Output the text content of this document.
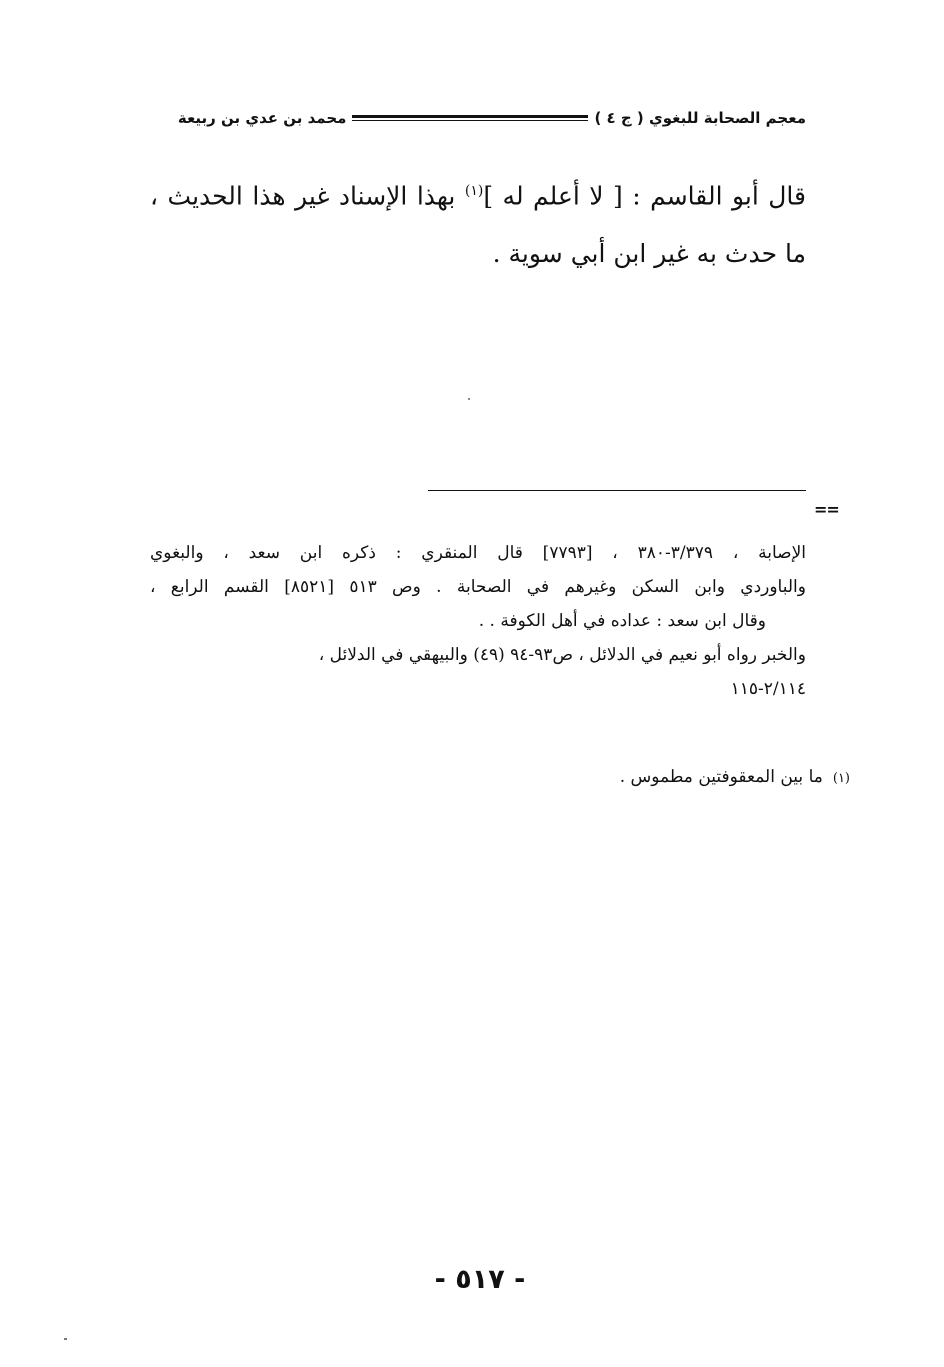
معجم الصحابة للبغوي ( ج ٤ )
محمد بن عدي بن ربيعة

قال أبو القاسم : [ لا أعلم له ]$^{(١)}$ بهذا الإسناد غير هذا الحديث ، ما حدث به غير ابن أبي سوية .

==

الإصابة ، ٣/٣٧٩-٣٨٠ ، [٧٧٩٣] قال المنقري : ذكره ابن سعد ، والبغوي

والباوردي وابن السكن وغيرهم في الصحابة . وص ٥١٣ [٨٥٢١] القسم الرابع ،

وقال ابن سعد : عداده في أهل الكوفة . .

والخبر رواه أبو نعيم في الدلائل ، ص٩٣-٩٤ (٤٩) والبيهقي في الدلائل ،

٢/١١٤-١١٥

(١)ما بين المعقوفتين مطموس .
- ٥١٧ -
